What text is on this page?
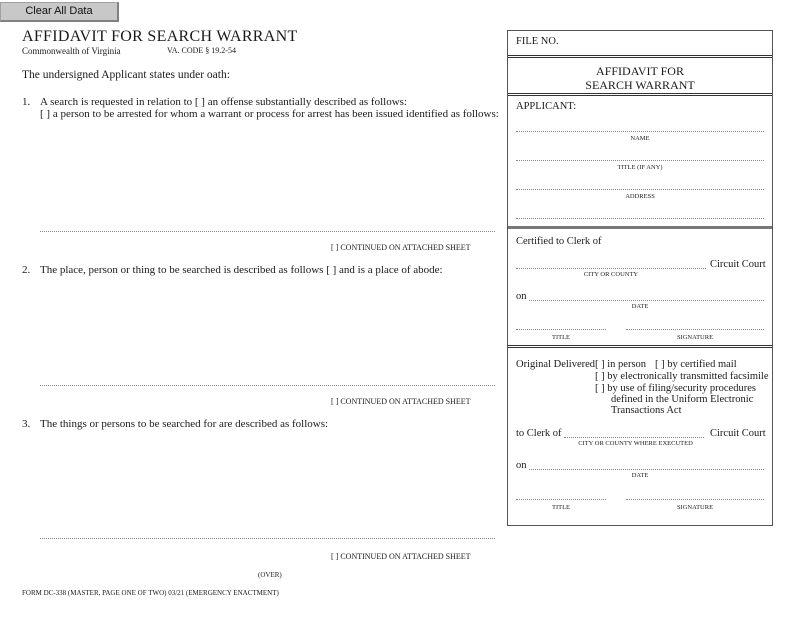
Clear All Data
AFFIDAVIT FOR SEARCH WARRANT
Commonwealth of Virginia	VA. CODE § 19.2-54
The undersigned Applicant states under oath:
1. A search is requested in relation to [ ] an offense substantially described as follows:
[ ] a person to be arrested for whom a warrant or process for arrest has been issued identified as follows:
[ ] CONTINUED ON ATTACHED SHEET
2. The place, person or thing to be searched is described as follows [ ] and is a place of abode:
[ ] CONTINUED ON ATTACHED SHEET
3. The things or persons to be searched for are described as follows:
[ ] CONTINUED ON ATTACHED SHEET
(OVER)
FORM DC-338 (MASTER, PAGE ONE OF TWO) 03/21 (EMERGENCY ENACTMENT)
FILE NO.
AFFIDAVIT FOR
SEARCH WARRANT
APPLICANT:
NAME
TITLE (IF ANY)
ADDRESS
Certified to Clerk of
Circuit Court
CITY OR COUNTY
on
DATE
TITLE	SIGNATURE
Original Delivered [ ] in person [ ] by certified mail
[ ] by electronically transmitted facsimile
[ ] by use of filing/security procedures
defined in the Uniform Electronic
Transactions Act
to Clerk of	Circuit Court
CITY OR COUNTY WHERE EXECUTED
on
DATE
TITLE	SIGNATURE
